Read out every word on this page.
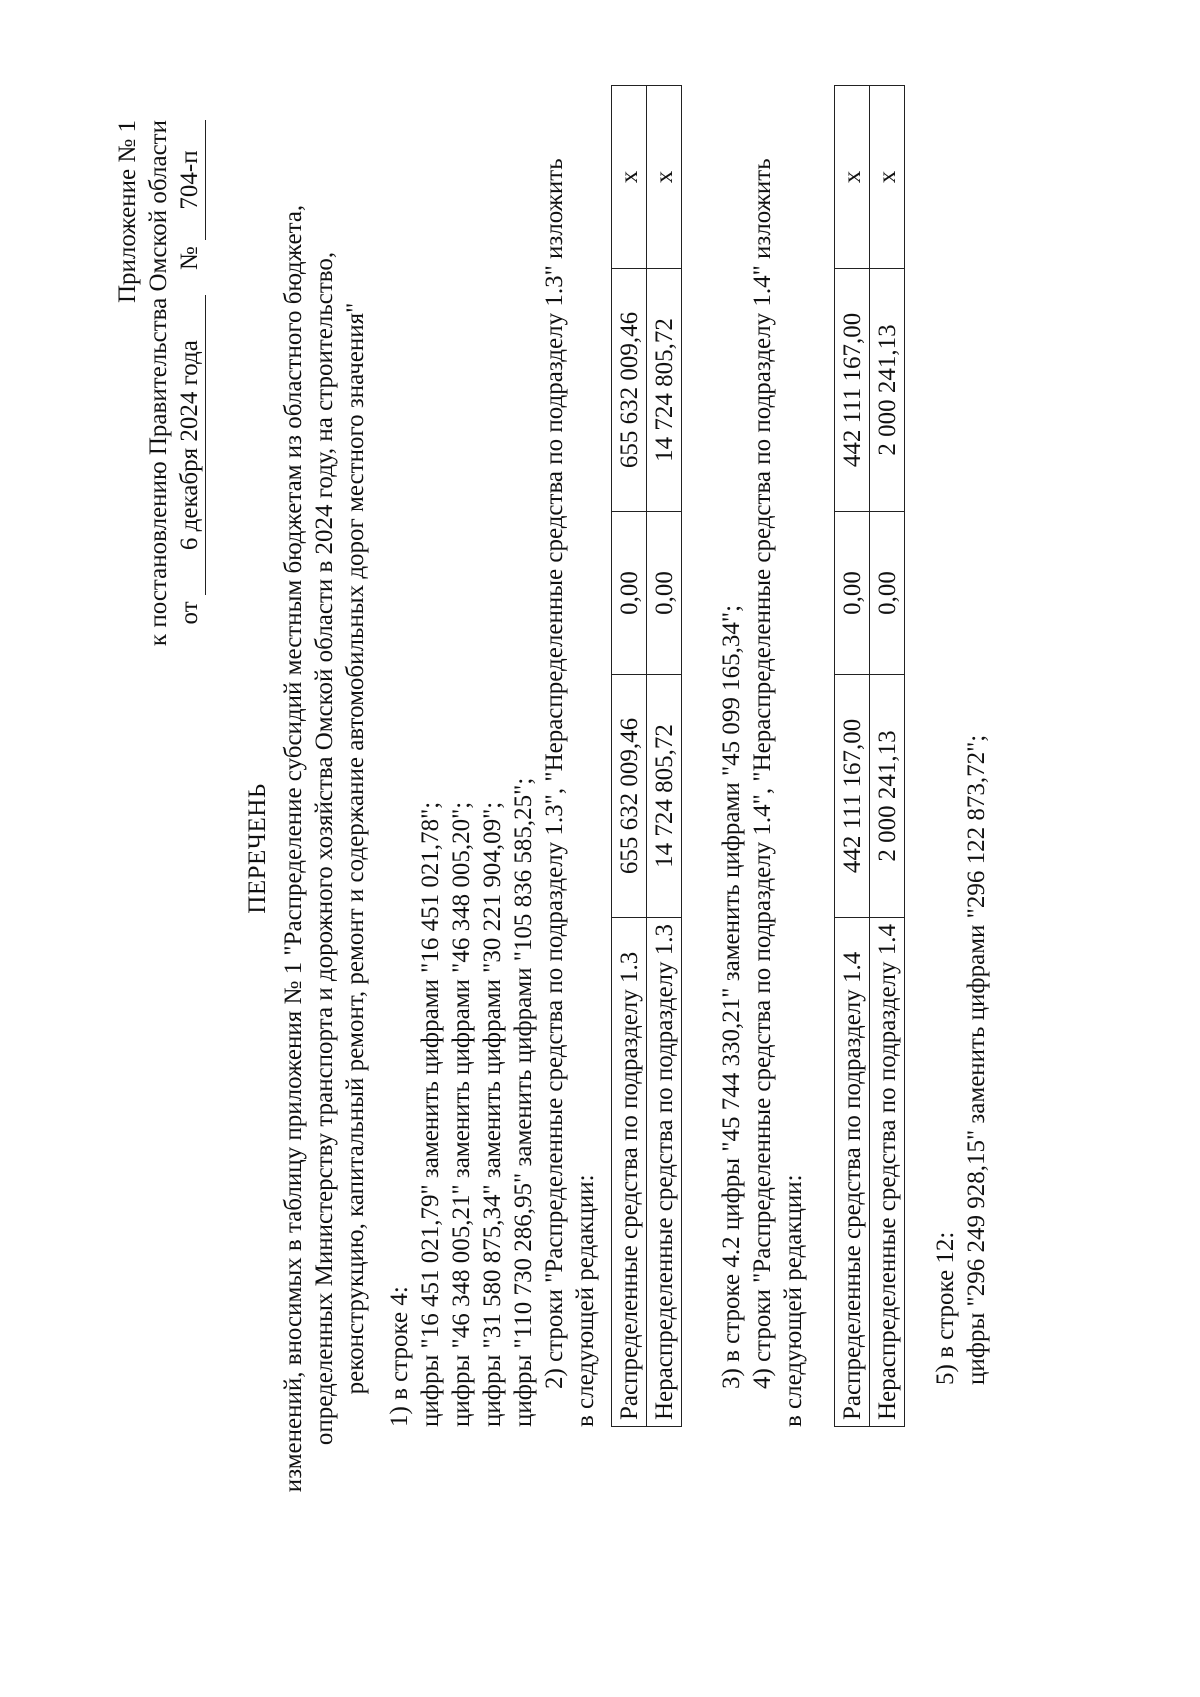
Приложение № 1 к постановлению Правительства Омской области от 6 декабря 2024 года    № 704-п
ПЕРЕЧЕНЬ изменений, вносимых в таблицу приложения № 1 "Распределение субсидий местным бюджетам из областного бюджета, определенных Министерству транспорта и дорожного хозяйства Омской области в 2024 году, на строительство, реконструкцию, капитальный ремонт, ремонт и содержание автомобильных дорог местного значения" 1) в строке 4: цифры "16 451 021,79" заменить цифрами "16 451 021,78"; цифры "46 348 005,21" заменить цифрами "46 348 005,20"; цифры "31 580 875,34" заменить цифрами "30 221 904,09"; цифры "110 730 286,95" заменить цифрами "105 836 585,25"; 2) строки "Распределенные средства по подразделу 1.3", "Нераспределенные средства по подразделу 1.3" изложить в следующей редакции: Распределенные средства по подразделу 1.3	655 632 009,46	0,00	655 632 009,46	x
Нераспределенные средства по подразделу 1.3	14 724 805,72	0,00	14 724 805,72	x
3) в строке 4.2 цифры "45 744 330,21" заменить цифрами "45 099 165,34"; 4) строки "Распределенные средства по подразделу 1.4", "Нераспределенные средства по подразделу 1.4" изложить в следующей редакции: Распределенные средства по подразделу 1.4	442 111 167,00	0,00	442 111 167,00	x
Нераспределенные средства по подразделу 1.4	2 000 241,13	0,00	2 000 241,13	x
5) в строке 12: цифры "296 249 928,15" заменить цифрами "296 122 873,72";
